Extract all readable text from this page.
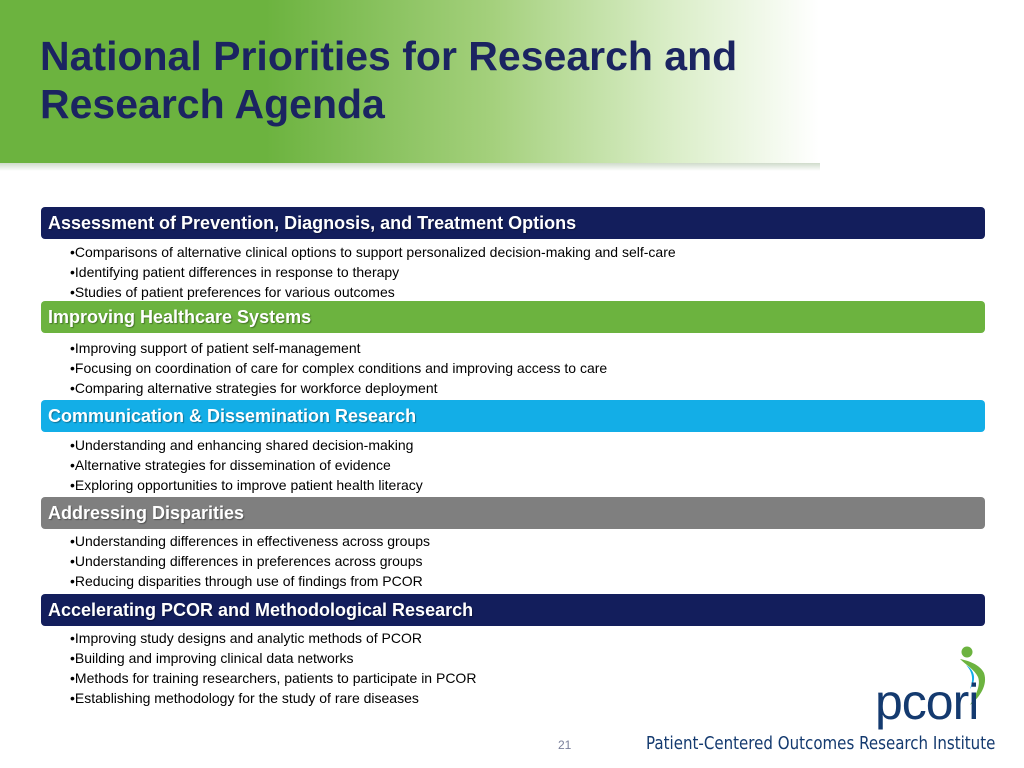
National Priorities for Research and Research Agenda
Assessment of Prevention, Diagnosis, and Treatment Options
•Comparisons of alternative clinical options to support personalized decision-making and self-care
•Identifying patient differences in response to therapy
•Studies of patient preferences for various outcomes
Improving Healthcare Systems
•Improving support of patient self-management
•Focusing on coordination of care for complex conditions and improving access to care
•Comparing alternative strategies for workforce deployment
Communication & Dissemination Research
•Understanding and enhancing shared decision-making
•Alternative strategies for dissemination of evidence
•Exploring opportunities to improve patient health literacy
Addressing Disparities
•Understanding differences in effectiveness across groups
•Understanding differences in preferences across groups
•Reducing disparities through use of findings from PCOR
Accelerating PCOR and Methodological Research
•Improving study designs and analytic methods of PCOR
•Building and improving clinical data networks
•Methods for training researchers, patients to participate in PCOR
•Establishing methodology for the study of rare diseases	pcori
Patient-Centered Outcomes Research Institute
21
